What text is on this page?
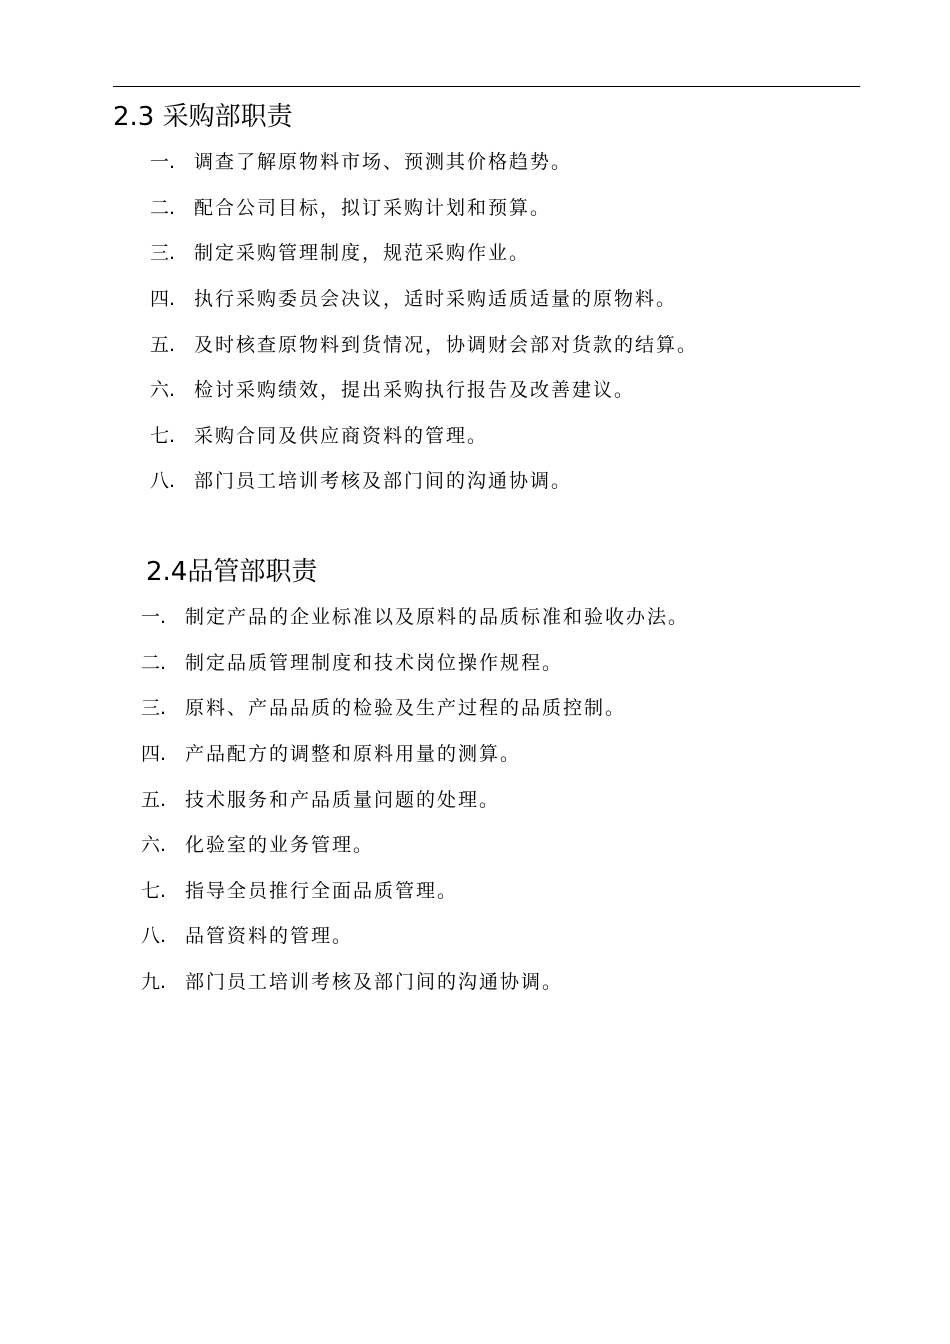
2.3 采购部职责
一. 调查了解原物料市场、预测其价格趋势。
二. 配合公司目标，拟订采购计划和预算。
三. 制定采购管理制度，规范采购作业。
四. 执行采购委员会决议，适时采购适质适量的原物料。
五. 及时核查原物料到货情况，协调财会部对货款的结算。
六. 检讨采购绩效，提出采购执行报告及改善建议。
七. 采购合同及供应商资料的管理。
八. 部门员工培训考核及部门间的沟通协调。
2.4品管部职责
一. 制定产品的企业标准以及原料的品质标准和验收办法。
二. 制定品质管理制度和技术岗位操作规程。
三. 原料、产品品质的检验及生产过程的品质控制。
四. 产品配方的调整和原料用量的测算。
五. 技术服务和产品质量问题的处理。
六. 化验室的业务管理。
七. 指导全员推行全面品质管理。
八. 品管资料的管理。
九. 部门员工培训考核及部门间的沟通协调。
